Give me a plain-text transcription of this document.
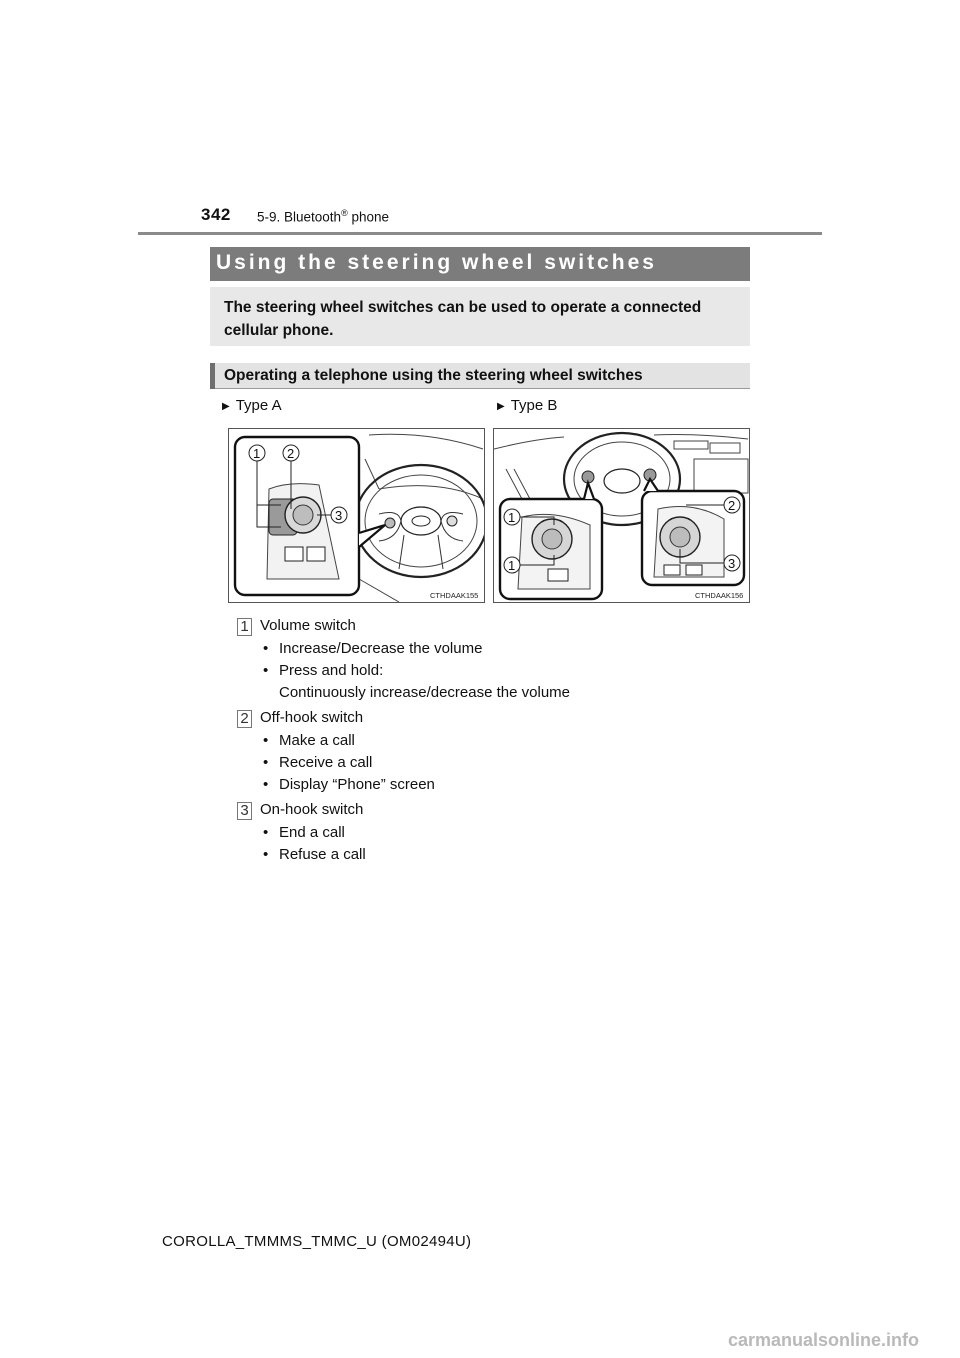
342 5-9. Bluetooth® phone
Using the steering wheel switches
The steering wheel switches can be used to operate a connected cellular phone.
Operating a telephone using the steering wheel switches
▶ Type A	▶ Type B
1 2
3
CTHDAAK155
1
1
2
3
CTHDAAK156
1 Volume switch
• Increase/Decrease the volume
• Press and hold:
Continuously increase/decrease the volume
2 Off-hook switch
• Make a call
• Receive a call
• Display “Phone” screen
3 On-hook switch
• End a call
• Refuse a call
COROLLA_TMMMS_TMMC_U (OM02494U)
carmanualsonline.info
